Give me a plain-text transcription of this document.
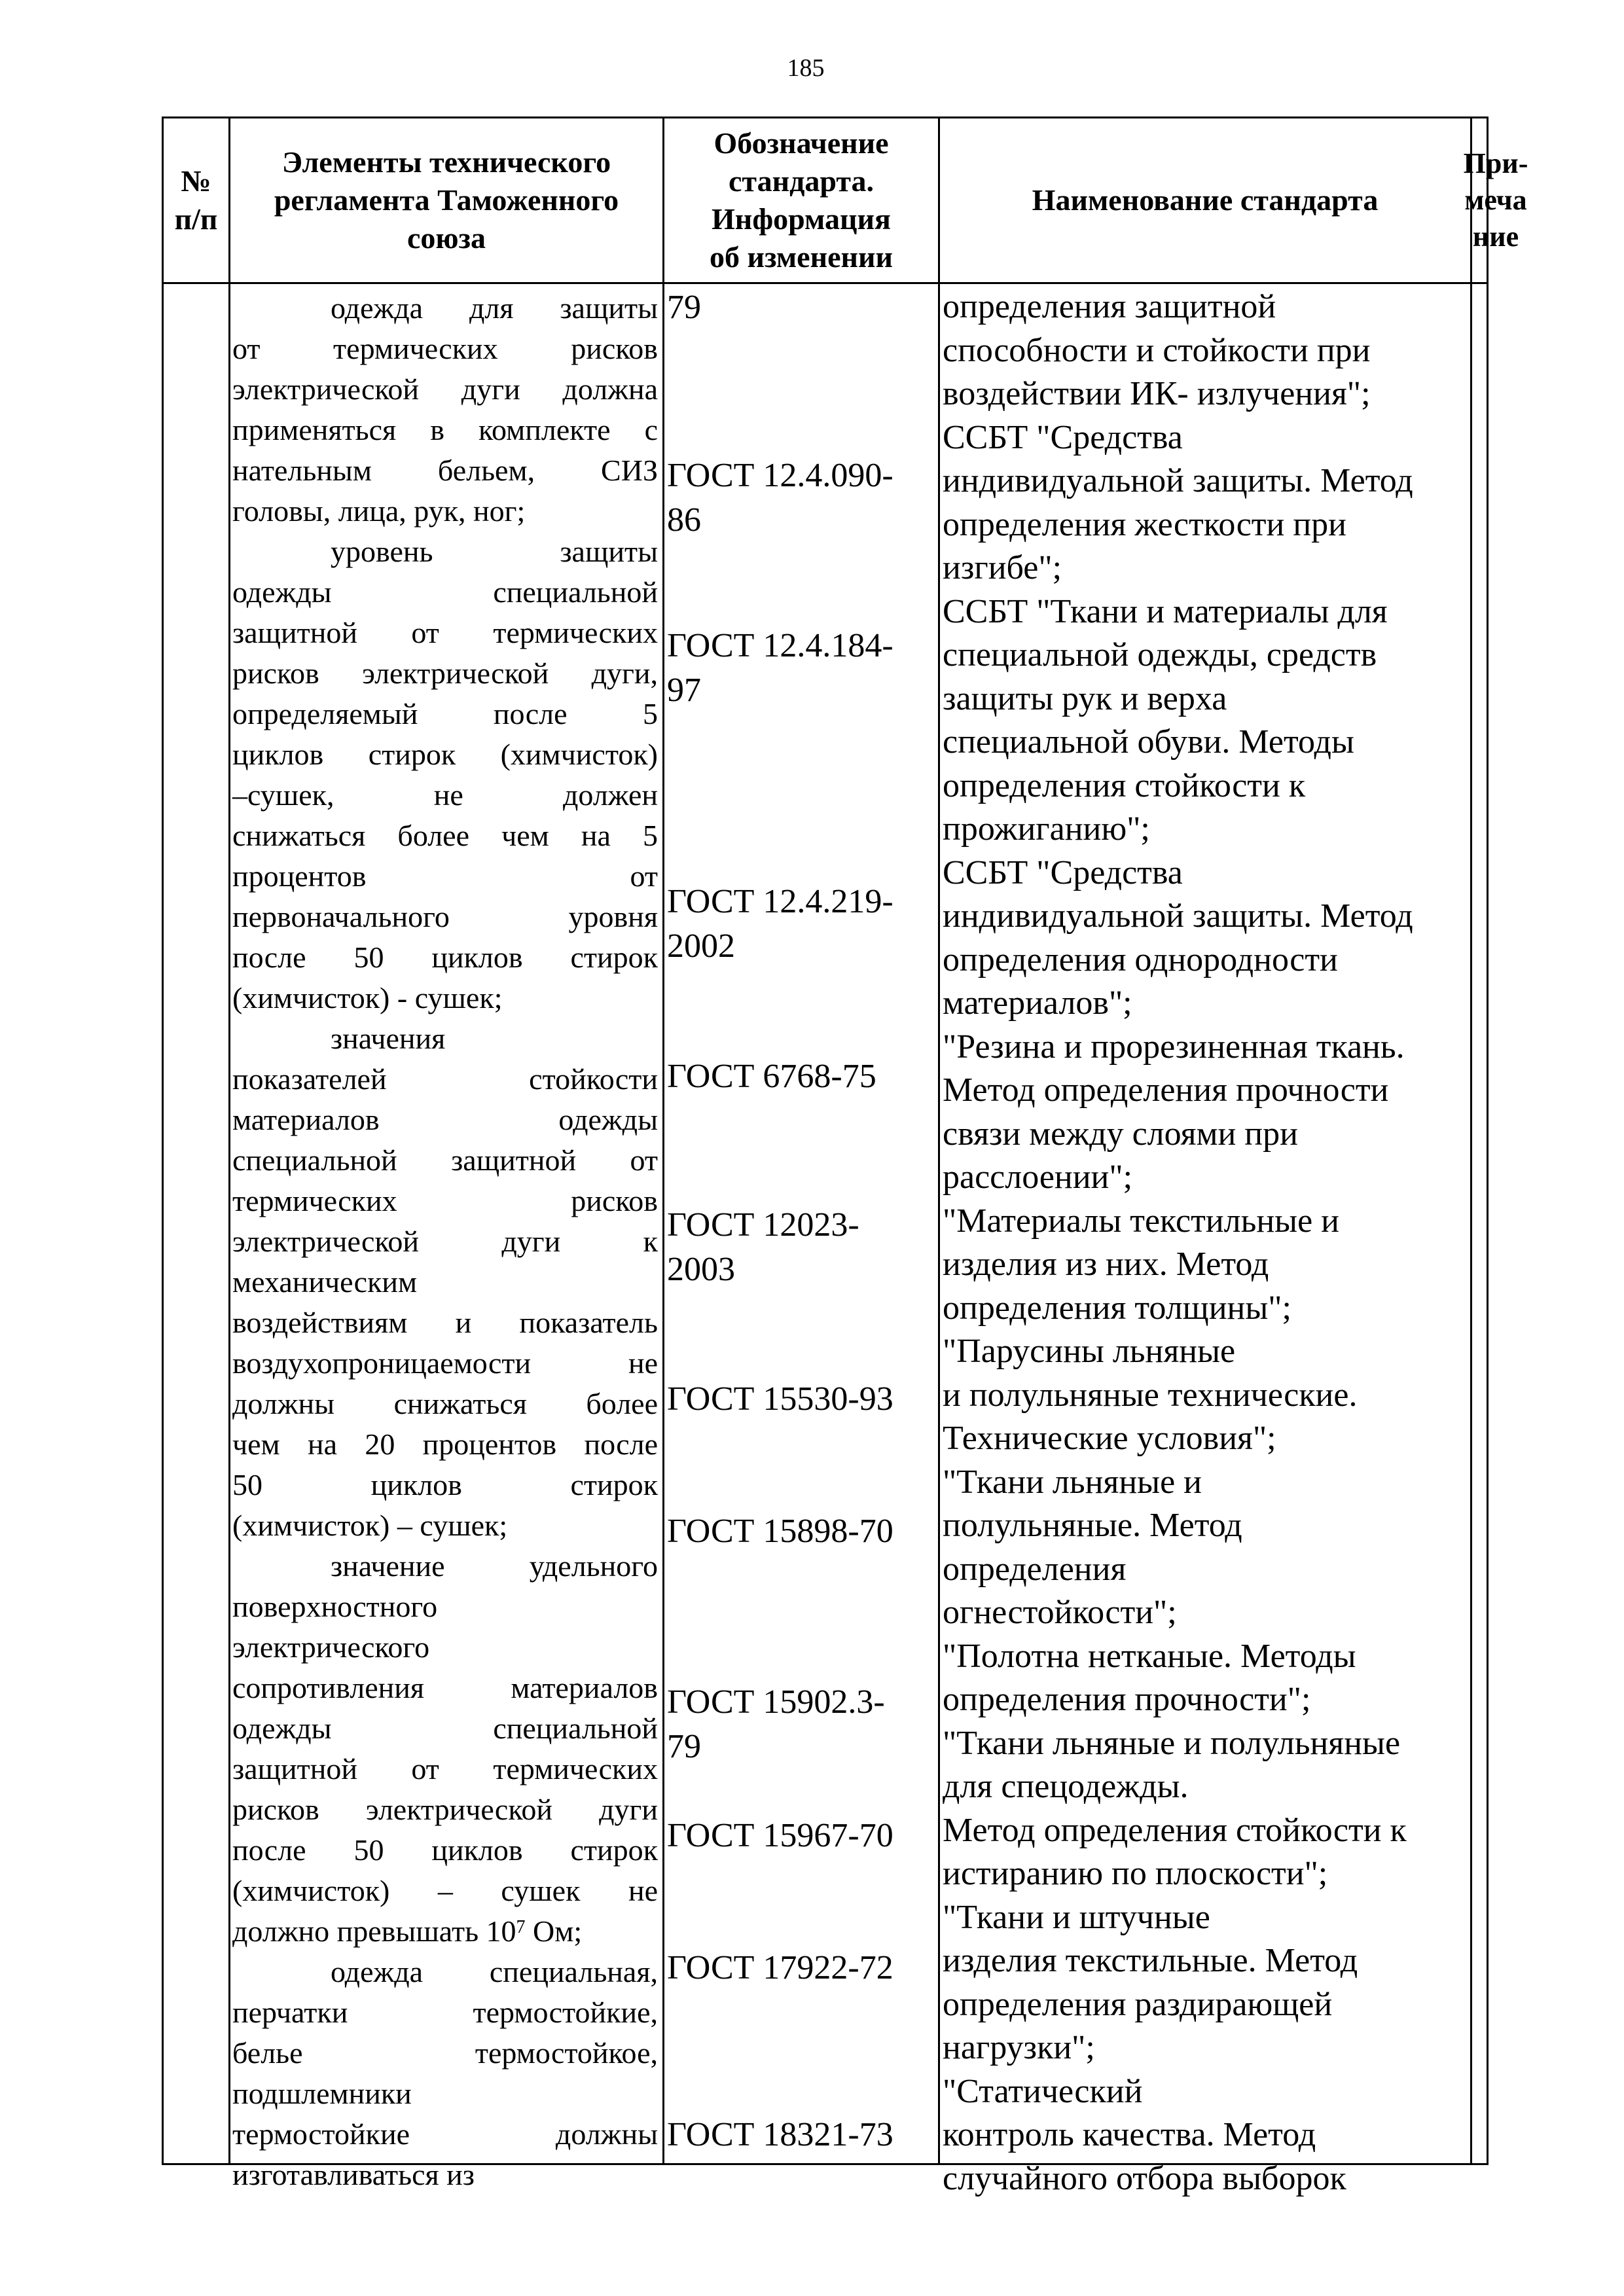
185
№
п/п
Элементы технического
регламента Таможенного
союза
Обозначение
стандарта.
Информация
об изменении
Наименование стандарта
При-
меча
ние
одежда для защиты
от термических рисков
электрической дуги должна
применяться в комплекте с
нательным бельем, СИЗ
головы, лица, рук, ног;
уровень защиты
одежды специальной
защитной от термических
рисков электрической дуги,
определяемый после 5
циклов стирок (химчисток)
–сушек, не должен
снижаться более чем на 5
процентов от
первоначального уровня
после 50 циклов стирок
(химчисток) - сушек;
значения
показателей стойкости
материалов одежды
специальной защитной от
термических рисков
электрической дуги к
механическим
воздействиям и показатель
воздухопроницаемости не
должны снижаться более
чем на 20 процентов после
50 циклов стирок
(химчисток) – сушек;
значение удельного
поверхностного
электрического
сопротивления материалов
одежды специальной
защитной от термических
рисков электрической дуги
после 50 циклов стирок
(химчисток) – сушек не
должно превышать $10^7$ Ом;
одежда специальная,
перчатки термостойкие,
белье термостойкое,
подшлемники
термостойкие должны
изготавливаться из
79
ГОСТ 12.4.090-
86
ГОСТ 12.4.184-
97
ГОСТ 12.4.219-
2002
ГОСТ 6768-75
ГОСТ 12023-
2003
ГОСТ 15530-93
ГОСТ 15898-70
ГОСТ 15902.3-
79
ГОСТ 15967-70
ГОСТ 17922-72
ГОСТ 18321-73
определения защитной
способности и стойкости при
воздействии ИК- излучения";
ССБТ "Средства
индивидуальной защиты. Метод
определения жесткости при
изгибе";
ССБТ "Ткани и материалы для
специальной одежды, средств
защиты рук и верха
специальной обуви. Методы
определения стойкости к
прожиганию";
ССБТ "Средства
индивидуальной защиты. Метод
определения однородности
материалов";
"Резина и прорезиненная ткань.
Метод определения прочности
связи между слоями при
расслоении";
"Материалы текстильные и
изделия из них. Метод
определения толщины";
"Парусины льняные
и полульняные технические.
Технические условия";
"Ткани льняные и
полульняные. Метод
определения
огнестойкости";
"Полотна нетканые. Методы
определения прочности";
"Ткани льняные и полульняные
для спецодежды.
Метод определения стойкости к
истиранию по плоскости";
"Ткани и штучные
изделия текстильные. Метод
определения раздирающей
нагрузки";
"Статический
контроль качества. Метод
случайного отбора выборок
